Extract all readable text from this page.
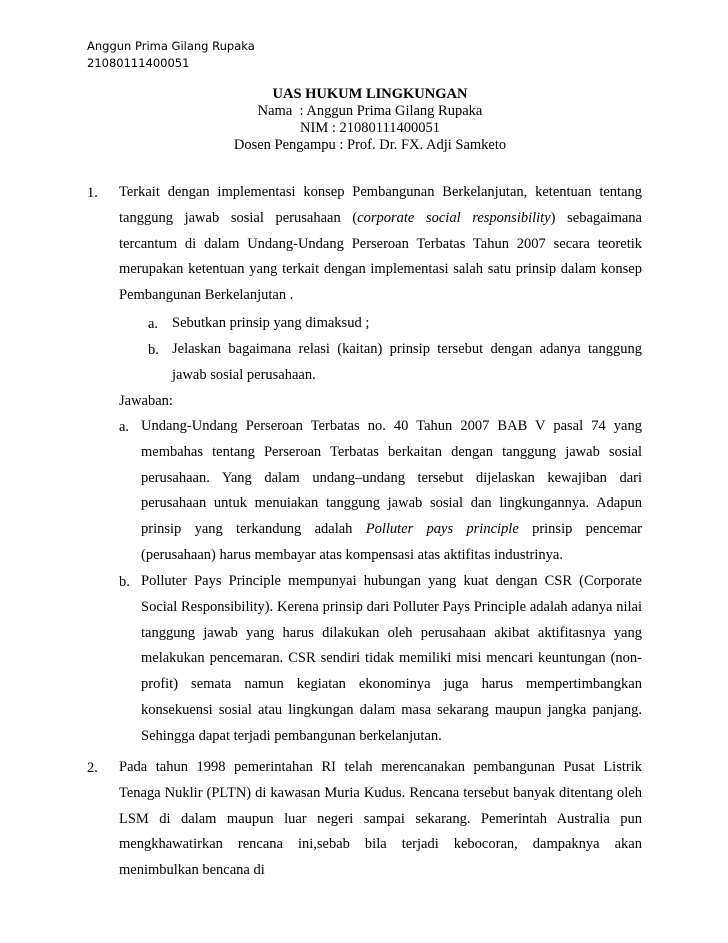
Anggun Prima Gilang Rupaka
21080111400051
UAS HUKUM LINGKUNGAN
Nama  : Anggun Prima Gilang Rupaka
NIM : 21080111400051
Dosen Pengampu : Prof. Dr. FX. Adji Samketo
1. Terkait dengan implementasi konsep Pembangunan Berkelanjutan, ketentuan tentang tanggung jawab sosial perusahaan (corporate social responsibility) sebagaimana tercantum di dalam Undang-Undang Perseroan Terbatas Tahun 2007 secara teoretik merupakan ketentuan yang terkait dengan implementasi salah satu prinsip dalam konsep Pembangunan Berkelanjutan .
a. Sebutkan prinsip yang dimaksud ;
b. Jelaskan bagaimana relasi (kaitan) prinsip tersebut dengan adanya tanggung jawab sosial perusahaan.
Jawaban:
a. Undang-Undang Perseroan Terbatas no. 40 Tahun 2007 BAB V pasal 74 yang membahas tentang Perseroan Terbatas berkaitan dengan tanggung jawab sosial perusahaan. Yang dalam undang–undang tersebut dijelaskan kewajiban dari perusahaan untuk menuiakan tanggung jawab sosial dan lingkungannya. Adapun prinsip yang terkandung adalah Polluter pays principle prinsip pencemar (perusahaan) harus membayar atas kompensasi atas aktifitas industrinya.
b. Polluter Pays Principle mempunyai hubungan yang kuat dengan CSR (Corporate Social Responsibility). Kerena prinsip dari Polluter Pays Principle adalah adanya nilai tanggung jawab yang harus dilakukan oleh perusahaan akibat aktifitasnya yang melakukan pencemaran. CSR sendiri tidak memiliki misi mencari keuntungan (non-profit) semata namun kegiatan ekonominya juga harus mempertimbangkan konsekuensi sosial atau lingkungan dalam masa sekarang maupun jangka panjang. Sehingga dapat terjadi pembangunan berkelanjutan.
2. Pada tahun 1998 pemerintahan RI telah merencanakan pembangunan Pusat Listrik Tenaga Nuklir (PLTN) di kawasan Muria Kudus. Rencana tersebut banyak ditentang oleh LSM di dalam maupun luar negeri sampai sekarang. Pemerintah Australia pun mengkhawatirkan rencana ini,sebab bila terjadi kebocoran, dampaknya akan menimbulkan bencana di
